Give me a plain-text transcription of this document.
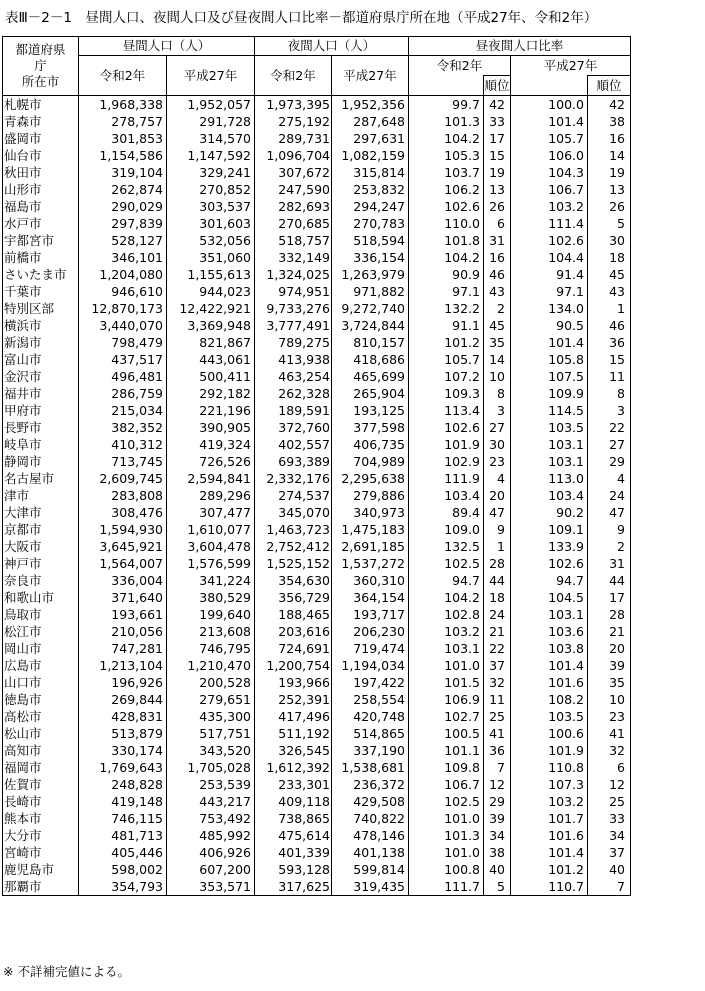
表Ⅲ－2－1　昼間人口、夜間人口及び昼夜間人口比率－都道府県庁所在地（平成27年、令和2年）
都道府県
庁
所在市	昼間人口（人）		夜間人口（人）		昼夜間人口比率			
	令和2年	平成27年	令和2年	平成27年	令和2年		平成27年	
						順位		順位
札幌市	1,968,338	1,952,057	1,973,395	1,952,356	99.7	42	100.0	42
青森市	278,757	291,728	275,192	287,648	101.3	33	101.4	38
盛岡市	301,853	314,570	289,731	297,631	104.2	17	105.7	16
仙台市	1,154,586	1,147,592	1,096,704	1,082,159	105.3	15	106.0	14
秋田市	319,104	329,241	307,672	315,814	103.7	19	104.3	19
山形市	262,874	270,852	247,590	253,832	106.2	13	106.7	13
福島市	290,029	303,537	282,693	294,247	102.6	26	103.2	26
水戸市	297,839	301,603	270,685	270,783	110.0	6	111.4	5
宇都宮市	528,127	532,056	518,757	518,594	101.8	31	102.6	30
前橋市	346,101	351,060	332,149	336,154	104.2	16	104.4	18
さいたま市	1,204,080	1,155,613	1,324,025	1,263,979	90.9	46	91.4	45
千葉市	946,610	944,023	974,951	971,882	97.1	43	97.1	43
特別区部	12,870,173	12,422,921	9,733,276	9,272,740	132.2	2	134.0	1
横浜市	3,440,070	3,369,948	3,777,491	3,724,844	91.1	45	90.5	46
新潟市	798,479	821,867	789,275	810,157	101.2	35	101.4	36
富山市	437,517	443,061	413,938	418,686	105.7	14	105.8	15
金沢市	496,481	500,411	463,254	465,699	107.2	10	107.5	11
福井市	286,759	292,182	262,328	265,904	109.3	8	109.9	8
甲府市	215,034	221,196	189,591	193,125	113.4	3	114.5	3
長野市	382,352	390,905	372,760	377,598	102.6	27	103.5	22
岐阜市	410,312	419,324	402,557	406,735	101.9	30	103.1	27
静岡市	713,745	726,526	693,389	704,989	102.9	23	103.1	29
名古屋市	2,609,745	2,594,841	2,332,176	2,295,638	111.9	4	113.0	4
津市	283,808	289,296	274,537	279,886	103.4	20	103.4	24
大津市	308,476	307,477	345,070	340,973	89.4	47	90.2	47
京都市	1,594,930	1,610,077	1,463,723	1,475,183	109.0	9	109.1	9
大阪市	3,645,921	3,604,478	2,752,412	2,691,185	132.5	1	133.9	2
神戸市	1,564,007	1,576,599	1,525,152	1,537,272	102.5	28	102.6	31
奈良市	336,004	341,224	354,630	360,310	94.7	44	94.7	44
和歌山市	371,640	380,529	356,729	364,154	104.2	18	104.5	17
鳥取市	193,661	199,640	188,465	193,717	102.8	24	103.1	28
松江市	210,056	213,608	203,616	206,230	103.2	21	103.6	21
岡山市	747,281	746,795	724,691	719,474	103.1	22	103.8	20
広島市	1,213,104	1,210,470	1,200,754	1,194,034	101.0	37	101.4	39
山口市	196,926	200,528	193,966	197,422	101.5	32	101.6	35
徳島市	269,844	279,651	252,391	258,554	106.9	11	108.2	10
高松市	428,831	435,300	417,496	420,748	102.7	25	103.5	23
松山市	513,879	517,751	511,192	514,865	100.5	41	100.6	41
高知市	330,174	343,520	326,545	337,190	101.1	36	101.9	32
福岡市	1,769,643	1,705,028	1,612,392	1,538,681	109.8	7	110.8	6
佐賀市	248,828	253,539	233,301	236,372	106.7	12	107.3	12
長崎市	419,148	443,217	409,118	429,508	102.5	29	103.2	25
熊本市	746,115	753,492	738,865	740,822	101.0	39	101.7	33
大分市	481,713	485,992	475,614	478,146	101.3	34	101.6	34
宮崎市	405,446	406,926	401,339	401,138	101.0	38	101.4	37
鹿児島市	598,002	607,200	593,128	599,814	100.8	40	101.2	40
那覇市	354,793	353,571	317,625	319,435	111.7	5	110.7	7
※ 不詳補完値による。
